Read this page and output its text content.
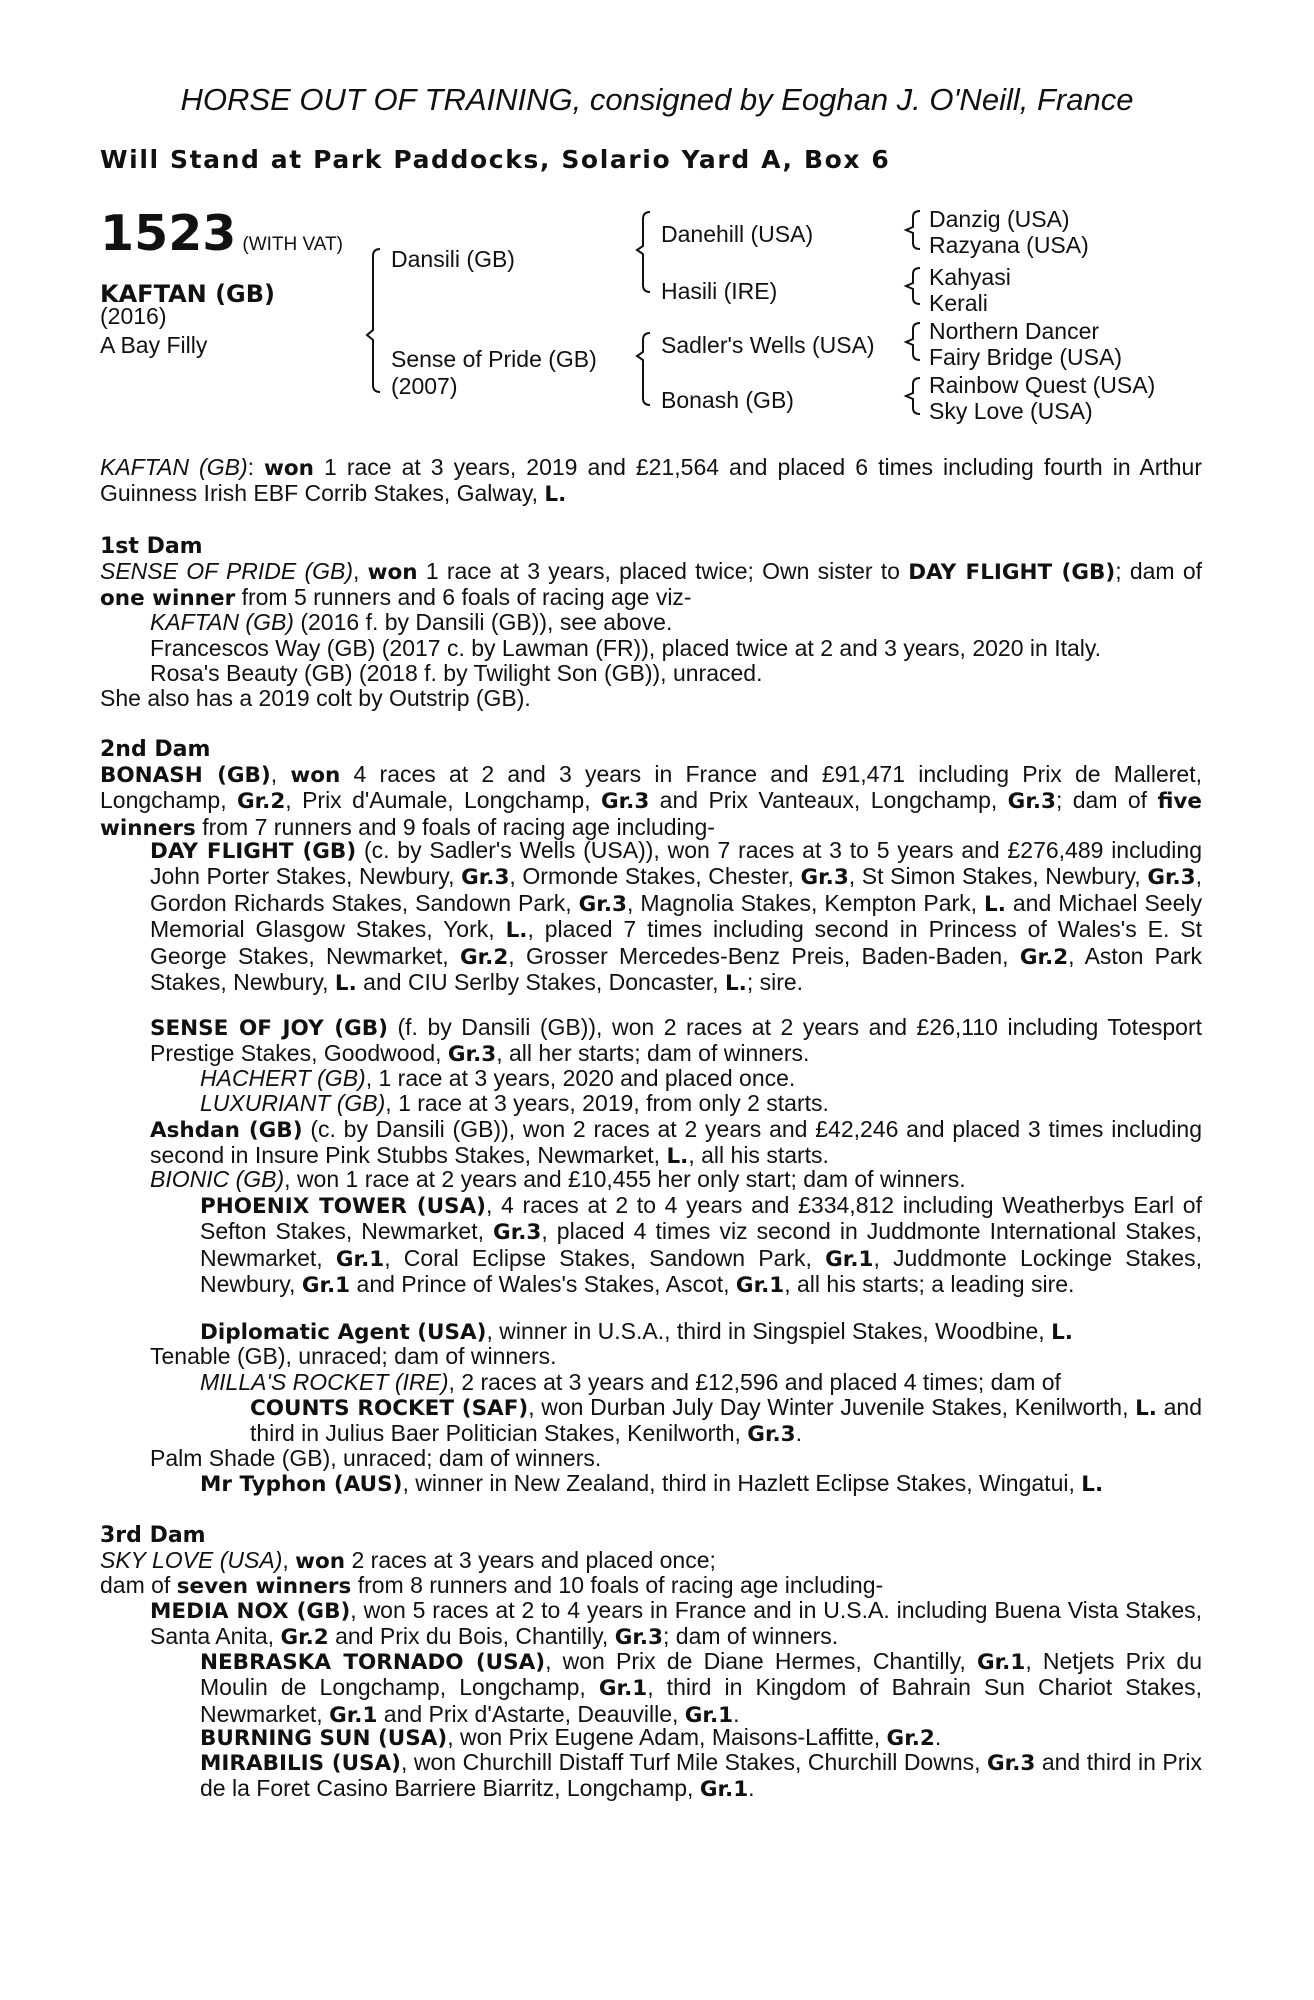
HORSE OUT OF TRAINING, consigned by Eoghan J. O'Neill, France
Will Stand at Park Paddocks, Solario Yard A, Box 6
1523 (WITH VAT)
KAFTAN (GB)
(2016)
A Bay Filly
Dansili (GB)
Sense of Pride (GB)
(2007)
Danehill (USA)
Hasili (IRE)
Sadler's Wells (USA)
Bonash (GB)
Danzig (USA)
Razyana (USA)
Kahyasi
Kerali
Northern Dancer
Fairy Bridge (USA)
Rainbow Quest (USA)
Sky Love (USA)

KAFTAN (GB): won 1 race at 3 years, 2019 and £21,564 and placed 6 times including fourth in Arthur Guinness Irish EBF Corrib Stakes, Galway, L.

1st Dam

SENSE OF PRIDE (GB), won 1 race at 3 years, placed twice; Own sister to DAY FLIGHT (GB); dam of one winner from 5 runners and 6 foals of racing age viz-

KAFTAN (GB) (2016 f. by Dansili (GB)), see above.

Francescos Way (GB) (2017 c. by Lawman (FR)), placed twice at 2 and 3 years, 2020 in Italy.

Rosa's Beauty (GB) (2018 f. by Twilight Son (GB)), unraced.

She also has a 2019 colt by Outstrip (GB).

2nd Dam

BONASH (GB), won 4 races at 2 and 3 years in France and £91,471 including Prix de Malleret, Longchamp, Gr.2, Prix d'Aumale, Longchamp, Gr.3 and Prix Vanteaux, Longchamp, Gr.3; dam of five winners from 7 runners and 9 foals of racing age including-

DAY FLIGHT (GB) (c. by Sadler's Wells (USA)), won 7 races at 3 to 5 years and £276,489 including John Porter Stakes, Newbury, Gr.3, Ormonde Stakes, Chester, Gr.3, St Simon Stakes, Newbury, Gr.3, Gordon Richards Stakes, Sandown Park, Gr.3, Magnolia Stakes, Kempton Park, L. and Michael Seely Memorial Glasgow Stakes, York, L., placed 7 times including second in Princess of Wales's E. St George Stakes, Newmarket, Gr.2, Grosser Mercedes-Benz Preis, Baden-Baden, Gr.2, Aston Park Stakes, Newbury, L. and CIU Serlby Stakes, Doncaster, L.; sire.

SENSE OF JOY (GB) (f. by Dansili (GB)), won 2 races at 2 years and £26,110 including Totesport Prestige Stakes, Goodwood, Gr.3, all her starts; dam of winners.

HACHERT (GB), 1 race at 3 years, 2020 and placed once.

LUXURIANT (GB), 1 race at 3 years, 2019, from only 2 starts.

Ashdan (GB) (c. by Dansili (GB)), won 2 races at 2 years and £42,246 and placed 3 times including second in Insure Pink Stubbs Stakes, Newmarket, L., all his starts.

BIONIC (GB), won 1 race at 2 years and £10,455 her only start; dam of winners.

PHOENIX TOWER (USA), 4 races at 2 to 4 years and £334,812 including Weatherbys Earl of Sefton Stakes, Newmarket, Gr.3, placed 4 times viz second in Juddmonte International Stakes, Newmarket, Gr.1, Coral Eclipse Stakes, Sandown Park, Gr.1, Juddmonte Lockinge Stakes, Newbury, Gr.1 and Prince of Wales's Stakes, Ascot, Gr.1, all his starts; a leading sire.

Diplomatic Agent (USA), winner in U.S.A., third in Singspiel Stakes, Woodbine, L.

Tenable (GB), unraced; dam of winners.

MILLA'S ROCKET (IRE), 2 races at 3 years and £12,596 and placed 4 times; dam of

COUNTS ROCKET (SAF), won Durban July Day Winter Juvenile Stakes, Kenilworth, L. and third in Julius Baer Politician Stakes, Kenilworth, Gr.3.

Palm Shade (GB), unraced; dam of winners.

Mr Typhon (AUS), winner in New Zealand, third in Hazlett Eclipse Stakes, Wingatui, L.

3rd Dam

SKY LOVE (USA), won 2 races at 3 years and placed once;

dam of seven winners from 8 runners and 10 foals of racing age including-

MEDIA NOX (GB), won 5 races at 2 to 4 years in France and in U.S.A. including Buena Vista Stakes, Santa Anita, Gr.2 and Prix du Bois, Chantilly, Gr.3; dam of winners.

NEBRASKA TORNADO (USA), won Prix de Diane Hermes, Chantilly, Gr.1, Netjets Prix du Moulin de Longchamp, Longchamp, Gr.1, third in Kingdom of Bahrain Sun Chariot Stakes, Newmarket, Gr.1 and Prix d'Astarte, Deauville, Gr.1.

BURNING SUN (USA), won Prix Eugene Adam, Maisons-Laffitte, Gr.2.

MIRABILIS (USA), won Churchill Distaff Turf Mile Stakes, Churchill Downs, Gr.3 and third in Prix de la Foret Casino Barriere Biarritz, Longchamp, Gr.1.
